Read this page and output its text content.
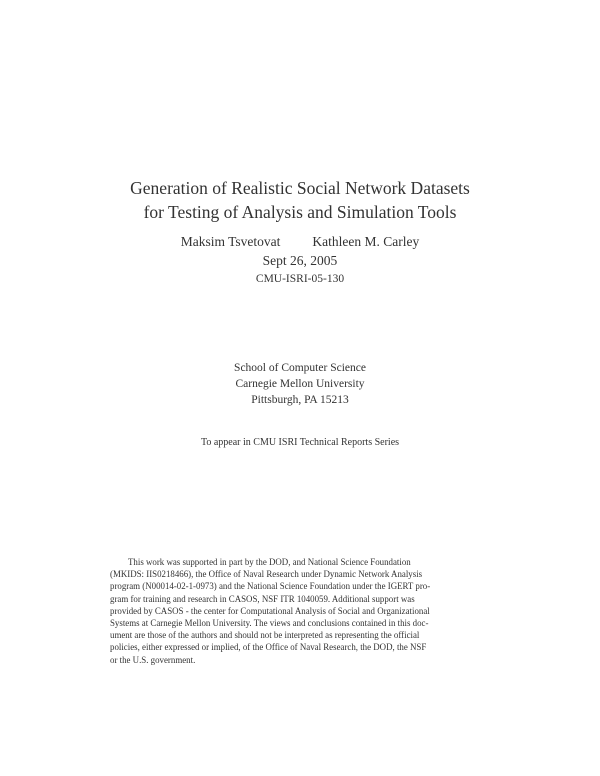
Generation of Realistic Social Network Datasets
for Testing of Analysis and Simulation Tools
Maksim Tsvetovat Kathleen M. Carley
Sept 26, 2005
CMU-ISRI-05-130
School of Computer Science
Carnegie Mellon University
Pittsburgh, PA 15213
To appear in CMU ISRI Technical Reports Series
This work was supported in part by the DOD, and National Science Foundation
(MKIDS: IIS0218466), the Office of Naval Research under Dynamic Network Analysis
program (N00014-02-1-0973) and the National Science Foundation under the IGERT pro-
gram for training and research in CASOS, NSF ITR 1040059. Additional support was
provided by CASOS - the center for Computational Analysis of Social and Organizational
Systems at Carnegie Mellon University. The views and conclusions contained in this doc-
ument are those of the authors and should not be interpreted as representing the official
policies, either expressed or implied, of the Office of Naval Research, the DOD, the NSF
or the U.S. government.
